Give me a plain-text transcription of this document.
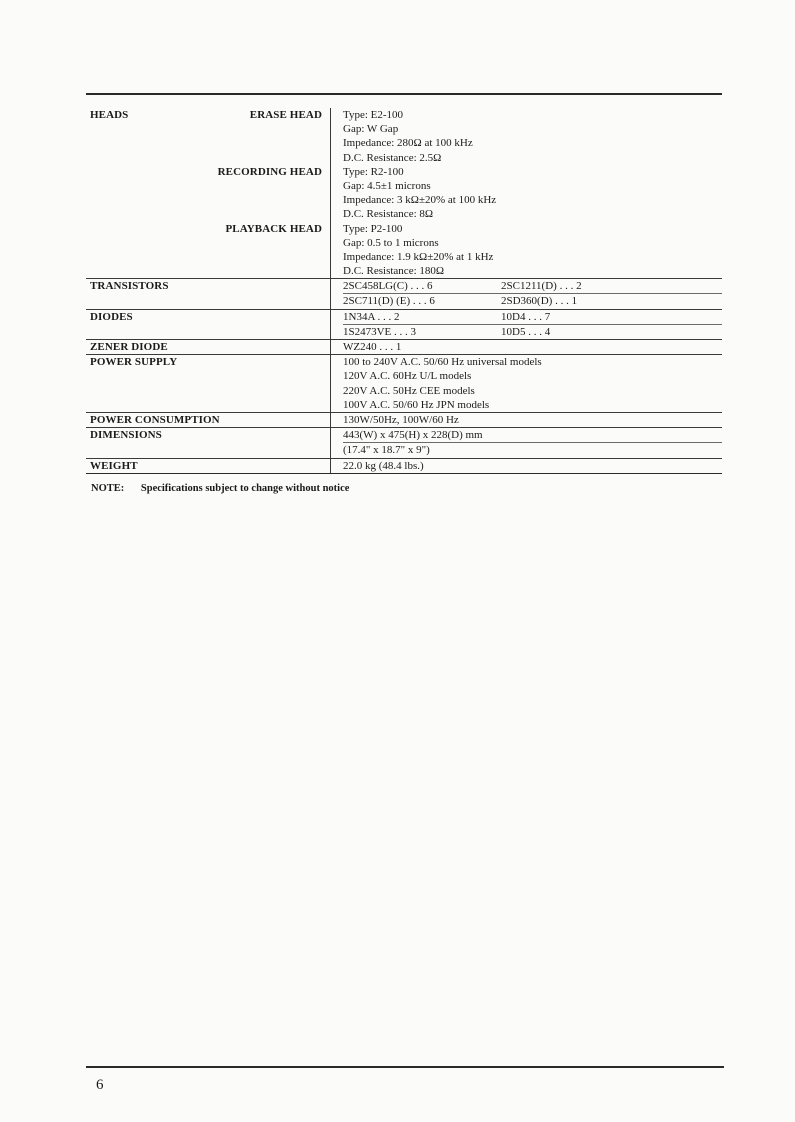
HEADS	ERASE HEAD Type: E2-100
Gap: W Gap
Impedance: 280Ω at 100 kHz
D.C. Resistance: 2.5Ω
RECORDING HEAD Type: R2-100
Gap: 4.5±1 microns
Impedance: 3 kΩ±20% at 100 kHz
D.C. Resistance: 8Ω
PLAYBACK HEAD Type: P2-100
Gap: 0.5 to 1 microns
Impedance: 1.9 kΩ±20% at 1 kHz
D.C. Resistance: 180Ω
TRANSISTORS	2SC458LG(C) . . . 6	2SC1211(D) . . . 2
2SC711(D) (E) . . . 6	2SD360(D) . . . 1
DIODES	1N34A . . . 2	10D4 . . . 7
1S2473VE . . . 3	10D5 . . . 4
ZENER DIODE	WZ240 . . . 1
POWER SUPPLY	100 to 240V A.C. 50/60 Hz universal models
120V A.C. 60Hz U/L models
220V A.C. 50Hz CEE models
100V A.C. 50/60 Hz JPN models
POWER CONSUMPTION	130W/50Hz, 100W/60 Hz
DIMENSIONS	443(W) x 475(H) x 228(D) mm
(17.4" x 18.7" x 9")
WEIGHT	22.0 kg (48.4 lbs.)
NOTE: Specifications subject to change without notice
6
